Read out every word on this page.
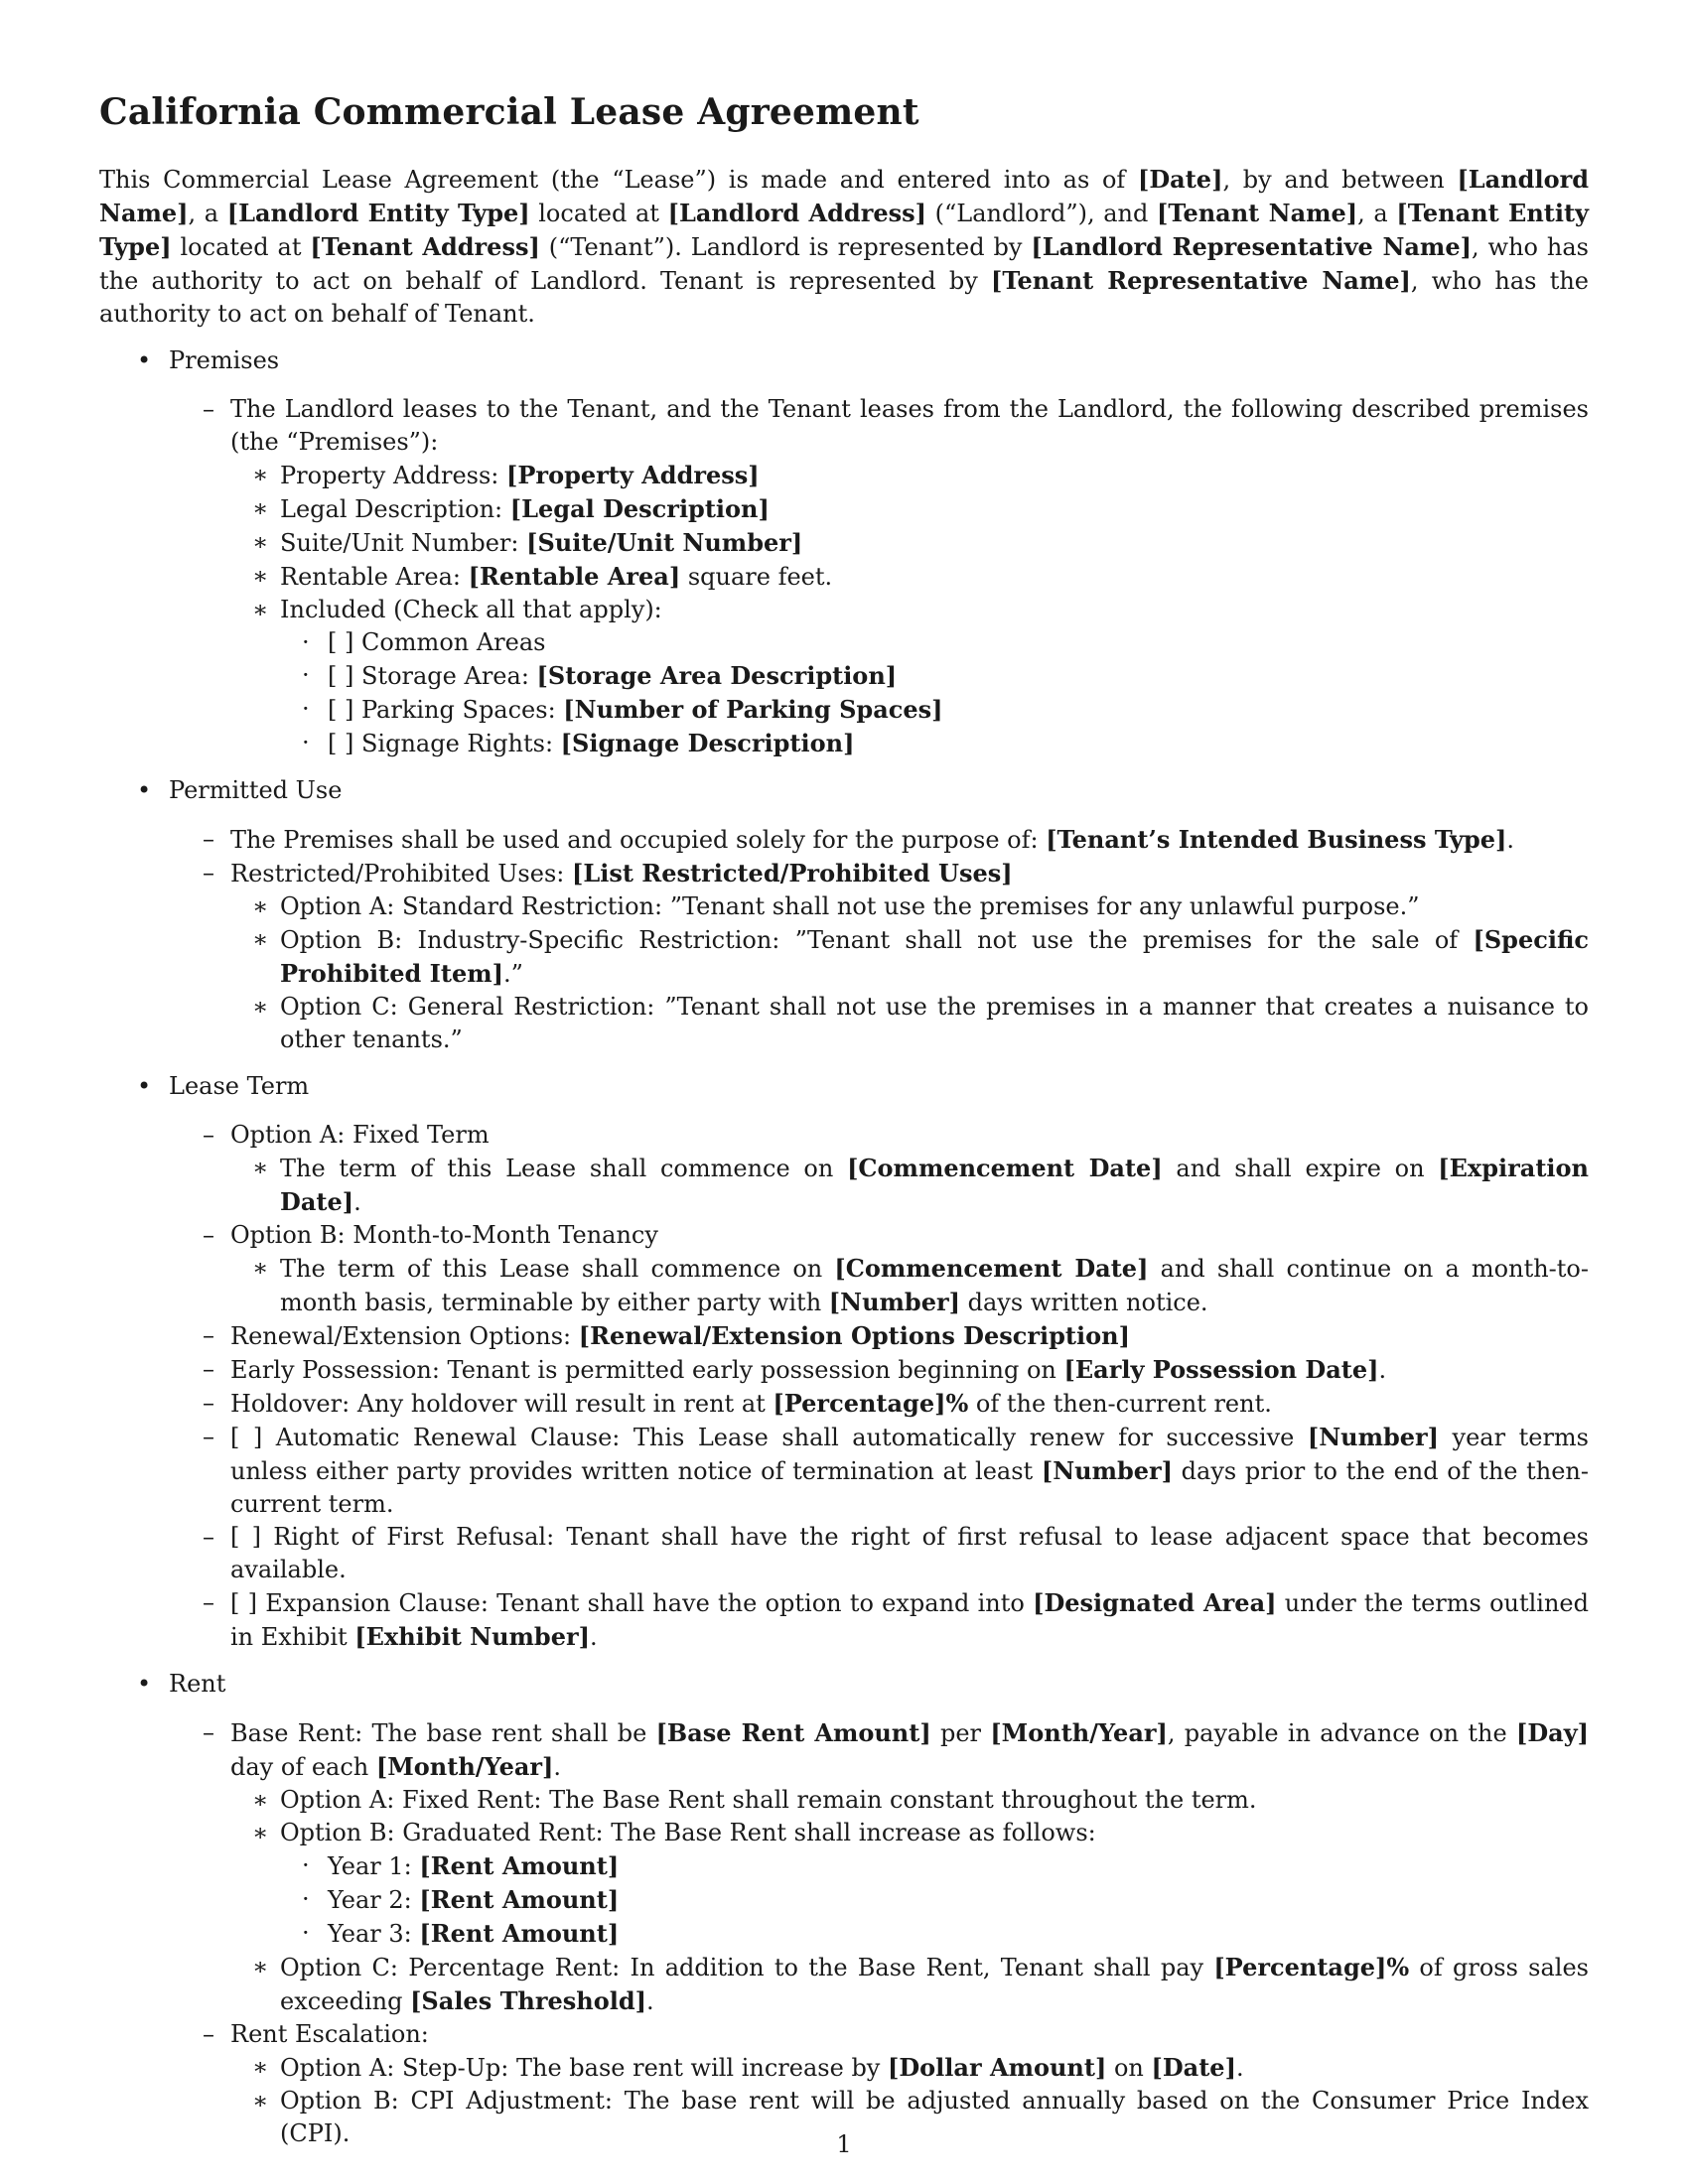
California Commercial Lease Agreement

This Commercial Lease Agreement (the “Lease”) is made and entered into as of [Date], by and between [Landlord Name], a [Landlord Entity Type] located at [Landlord Address] (“Landlord”), and [Tenant Name], a [Tenant Entity Type] located at [Tenant Address] (“Tenant”). Landlord is represented by [Landlord Representative Name], who has the authority to act on behalf of Landlord. Tenant is represented by [Tenant Representative Name], who has the authority to act on behalf of Tenant.

• Premises
– The Landlord leases to the Tenant, and the Tenant leases from the Landlord, the following described premises (the “Premises”):
∗ Property Address: [Property Address]
∗ Legal Description: [Legal Description]
∗ Suite/Unit Number: [Suite/Unit Number]
∗ Rentable Area: [Rentable Area] square feet.
∗ Included (Check all that apply):
· [ ] Common Areas
· [ ] Storage Area: [Storage Area Description]
· [ ] Parking Spaces: [Number of Parking Spaces]
· [ ] Signage Rights: [Signage Description]
• Permitted Use
– The Premises shall be used and occupied solely for the purpose of: [Tenant’s Intended Business Type].
– Restricted/Prohibited Uses: [List Restricted/Prohibited Uses]
∗ Option A: Standard Restriction: ”Tenant shall not use the premises for any unlawful purpose.”
∗ Option B: Industry-Specific Restriction: ”Tenant shall not use the premises for the sale of [Specific Prohibited Item].”
∗ Option C: General Restriction: ”Tenant shall not use the premises in a manner that creates a nuisance to other tenants.”
• Lease Term
– Option A: Fixed Term
∗ The term of this Lease shall commence on [Commencement Date] and shall expire on [Expiration Date].
– Option B: Month-to-Month Tenancy
∗ The term of this Lease shall commence on [Commencement Date] and shall continue on a month-to-month basis, terminable by either party with [Number] days written notice.
– Renewal/Extension Options: [Renewal/Extension Options Description]
– Early Possession: Tenant is permitted early possession beginning on [Early Possession Date].
– Holdover: Any holdover will result in rent at [Percentage]% of the then-current rent.
– [ ] Automatic Renewal Clause: This Lease shall automatically renew for successive [Number] year terms unless either party provides written notice of termination at least [Number] days prior to the end of the then-current term.
– [ ] Right of First Refusal: Tenant shall have the right of first refusal to lease adjacent space that becomes available.
– [ ] Expansion Clause: Tenant shall have the option to expand into [Designated Area] under the terms outlined in Exhibit [Exhibit Number].
• Rent
– Base Rent: The base rent shall be [Base Rent Amount] per [Month/Year], payable in advance on the [Day] day of each [Month/Year].
∗ Option A: Fixed Rent: The Base Rent shall remain constant throughout the term.
∗ Option B: Graduated Rent: The Base Rent shall increase as follows:
· Year 1: [Rent Amount]
· Year 2: [Rent Amount]
· Year 3: [Rent Amount]
∗ Option C: Percentage Rent: In addition to the Base Rent, Tenant shall pay [Percentage]% of gross sales exceeding [Sales Threshold].
– Rent Escalation:
∗ Option A: Step-Up: The base rent will increase by [Dollar Amount] on [Date].
∗ Option B: CPI Adjustment: The base rent will be adjusted annually based on the Consumer Price Index (CPI).	1
